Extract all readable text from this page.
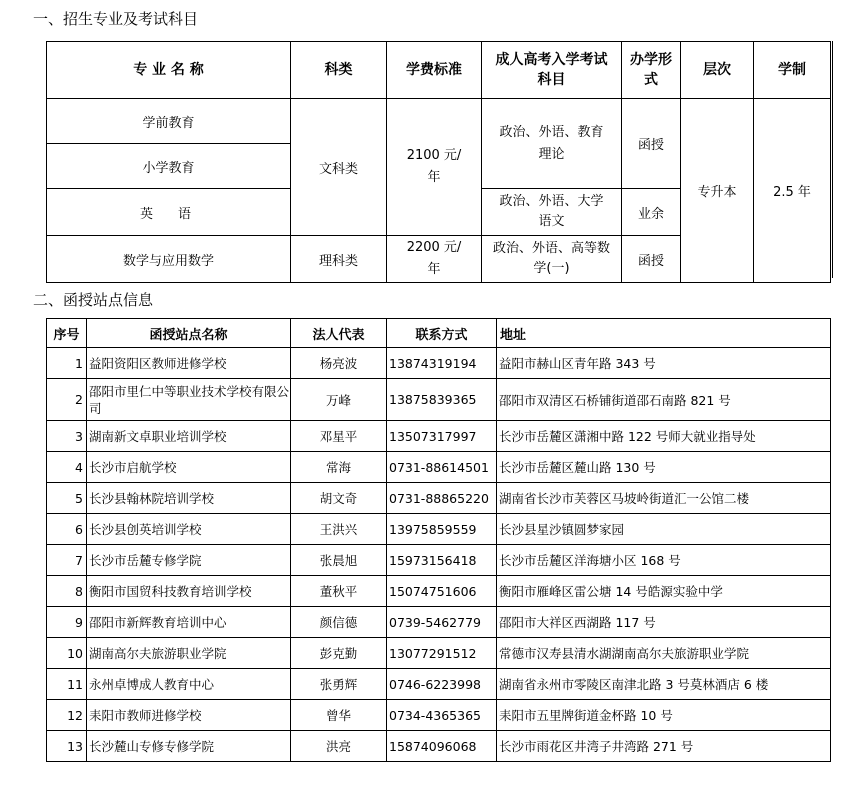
一、招生专业及考试科目
专 业 名 称	科类	学费标准	成人高考入学考试科目	办学形式	层次	学制
学前教育	文科类	2100 元/年	政治、外语、教育理论	函授	专升本	2.5 年
小学教育						
英　语			政治、外语、大学语文	业余		
数学与应用数学	理科类	2200 元/年	政治、外语、高等数学(一)	函授		
二、函授站点信息
序号	函授站点名称	法人代表	联系方式	地址
1	益阳资阳区教师进修学校	杨亮波	13874319194	益阳市赫山区青年路 343 号
2	邵阳市里仁中等职业技术学校有限公司	万峰	13875839365	邵阳市双清区石桥铺街道邵石南路 821 号
3	湖南新文卓职业培训学校	邓星平	13507317997	长沙市岳麓区潇湘中路 122 号师大就业指导处
4	长沙市启航学校	常海	0731-88614501	长沙市岳麓区麓山路 130 号
5	长沙县翰林院培训学校	胡文奇	0731-88865220	湖南省长沙市芙蓉区马坡岭街道汇一公馆二楼
6	长沙县创英培训学校	王洪兴	13975859559	长沙县星沙镇圆梦家园
7	长沙市岳麓专修学院	张晨旭	15973156418	长沙市岳麓区洋海塘小区 168 号
8	衡阳市国贸科技教育培训学校	董秋平	15074751606	衡阳市雁峰区雷公塘 14 号皓源实验中学
9	邵阳市新辉教育培训中心	颜信德	0739-5462779	邵阳市大祥区西湖路 117 号
10	湖南高尔夫旅游职业学院	彭克勤	13077291512	常德市汉寿县清水湖湖南高尔夫旅游职业学院
11	永州卓博成人教育中心	张勇辉	0746-6223998	湖南省永州市零陵区南津北路 3 号莫林酒店 6 楼
12	耒阳市教师进修学校	曾华	0734-4365365	耒阳市五里牌街道金杯路 10 号
13	长沙麓山专修专修学院	洪亮	15874096068	长沙市雨花区井湾子井湾路 271 号
